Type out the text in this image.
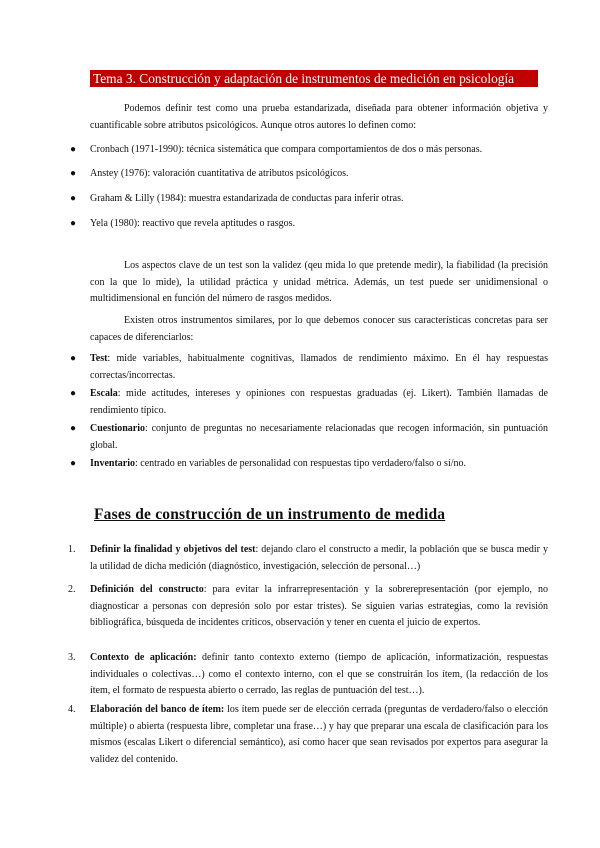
Tema 3. Construcción y adaptación de instrumentos de medición en psicología

Podemos definir test como una prueba estandarizada, diseñada para obtener información objetiva y cuantificable sobre atributos psicológicos. Aunque otros autores lo definen como:

● Cronbach (1971-1990): técnica sistemática que compara comportamientos de dos o más personas.
● Anstey (1976): valoración cuantitativa de atributos psicológicos.
● Graham & Lilly (1984): muestra estandarizada de conductas para inferir otras.
● Yela (1980): reactivo que revela aptitudes o rasgos.

Los aspectos clave de un test son la validez (qeu mida lo que pretende medir), la fiabilidad (la precisión con la que lo mide), la utilidad práctica y unidad métrica. Además, un test puede ser unidimensional o multidimensional en función del número de rasgos medidos.

Existen otros instrumentos similares, por lo que debemos conocer sus características concretas para ser capaces de diferenciarlos:

● Test: mide variables, habitualmente cognitivas, llamados de rendimiento máximo. En él hay respuestas correctas/incorrectas.
● Escala: mide actitudes, intereses y opiniones con respuestas graduadas (ej. Likert). También llamadas de rendimiento típico.
● Cuestionario: conjunto de preguntas no necesariamente relacionadas que recogen información, sin puntuación global.
● Inventario: centrado en variables de personalidad con respuestas tipo verdadero/falso o sí/no.
Fases de construcción de un instrumento de medida
1. Definir la finalidad y objetivos del test: dejando claro el constructo a medir, la población que se busca medir y la utilidad de dicha medición (diagnóstico, investigación, selección de personal…)
2. Definición del constructo: para evitar la infrarrepresentación y la sobrerepresentación (por ejemplo, no diagnosticar a personas con depresión solo por estar tristes). Se siguien varias estrategias, como la revisión bibliográfica, búsqueda de incidentes críticos, observación y tener en cuenta el juicio de expertos.
3. Contexto de aplicación: definir tanto contexto externo (tiempo de aplicación, informatización, respuestas individuales o colectivas…) como el contexto interno, con el que se construirán los ítem, (la redacción de los ítem, el formato de respuesta abierto o cerrado, las reglas de puntuación del test…).
4. Elaboración del banco de ítem: los ítem puede ser de elección cerrada (preguntas de verdadero/falso o elección múltiple) o abierta (respuesta libre, completar una frase…) y hay que preparar una escala de clasificación para los mismos (escalas Likert o diferencial semántico), así como hacer que sean revisados por expertos para asegurar la validez del contenido.
